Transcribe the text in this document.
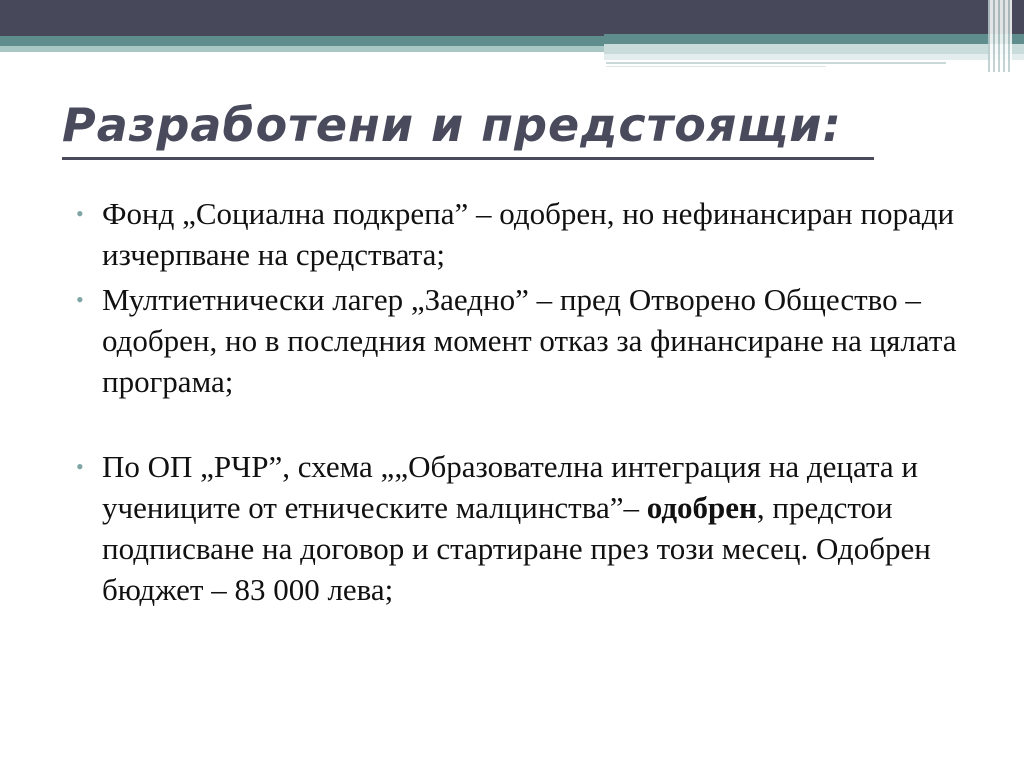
Разработени и предстоящи:

• Фонд „Социална подкрепа” – одобрен, но нефинансиран поради изчерпване на средствата;

• Мултиетнически лагер „Заедно” – пред Отворено Общество – одобрен, но в последния момент отказ за финансиране на цялата програма;

• По ОП „РЧР”, схема „„Образователна интеграция на децата и учениците от етническите малцинства”– одобрен, предстои подписване на договор и стартиране през този месец. Одобрен бюджет – 83 000 лева;
